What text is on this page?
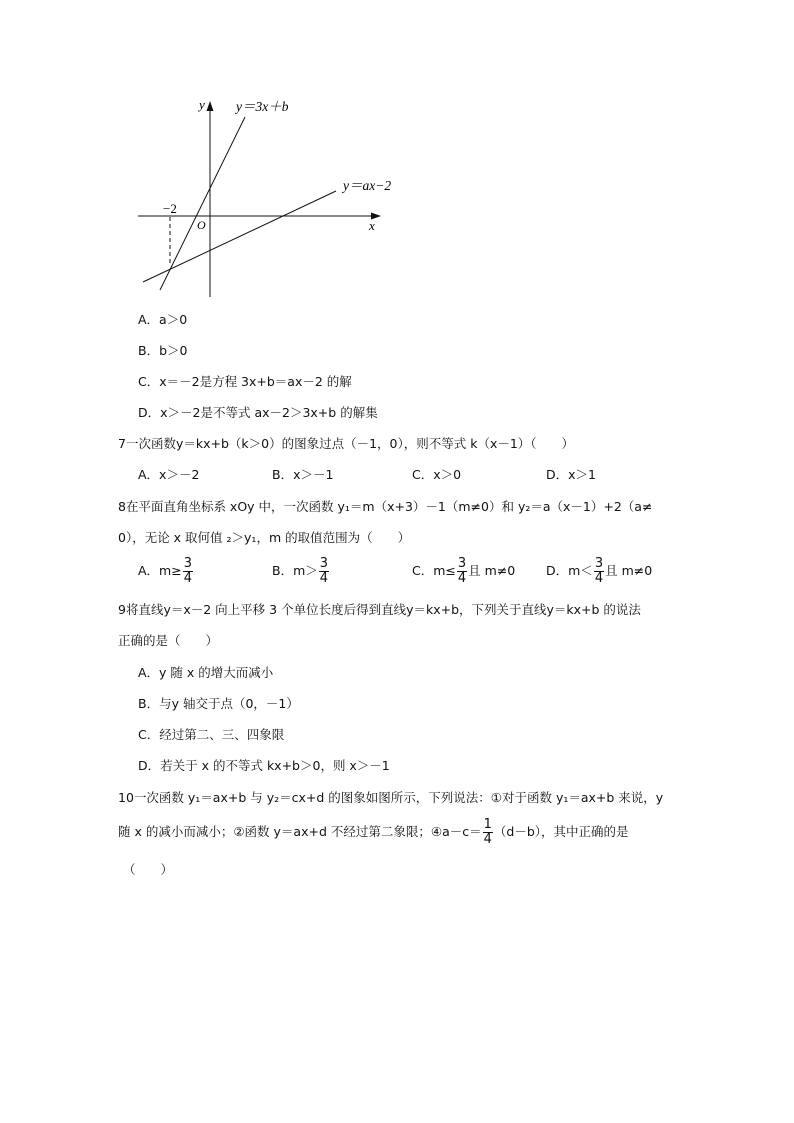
y
x
O
−2
y＝3x＋b
y＝ax−2
A．a＞0
B．b＞0
C．x＝－2是方程 3x+b＝ax－2 的解
D．x＞－2是不等式 ax－2＞3x+b 的解集
7一次函数y＝kx+b（k＞0）的图象过点（－1，0），则不等式 k（x－1）（　　）
A．x＞－2	B．x＞－1	C．x＞0	D．x＞1
8在平面直角坐标系 xOy 中，一次函数 y₁＝m（x+3）－1（m≠0）和 y₂＝a（x－1）+2（a≠
0），无论 x 取何值 ₂＞y₁，m 的取值范围为（　　）
A．$m\ge \frac{3}{4}$	B．$m> \frac{3}{4}$	C．$m\le \frac{3}{4}$ 且 m≠0 D．$m< \frac{3}{4}$ 且 m≠0
9将直线y＝x－2 向上平移 3 个单位长度后得到直线y＝kx+b，下列关于直线y＝kx+b 的说法
正确的是（　　）
A．y 随 x 的增大而减小
B．与y 轴交于点（0，－1）
C．经过第二、三、四象限
D．若关于 x 的不等式 kx+b＞0，则 x＞－1
10一次函数 y₁＝ax+b 与 y₂＝cx+d 的图象如图所示，下列说法：①对于函数 y₁＝ax+b 来说，y
随 x 的减小而减小；②函数 y＝ax+d 不经过第二象限；④a－c＝ $\frac{1}{4} (d-b)$，其中正确的是
（　　）
